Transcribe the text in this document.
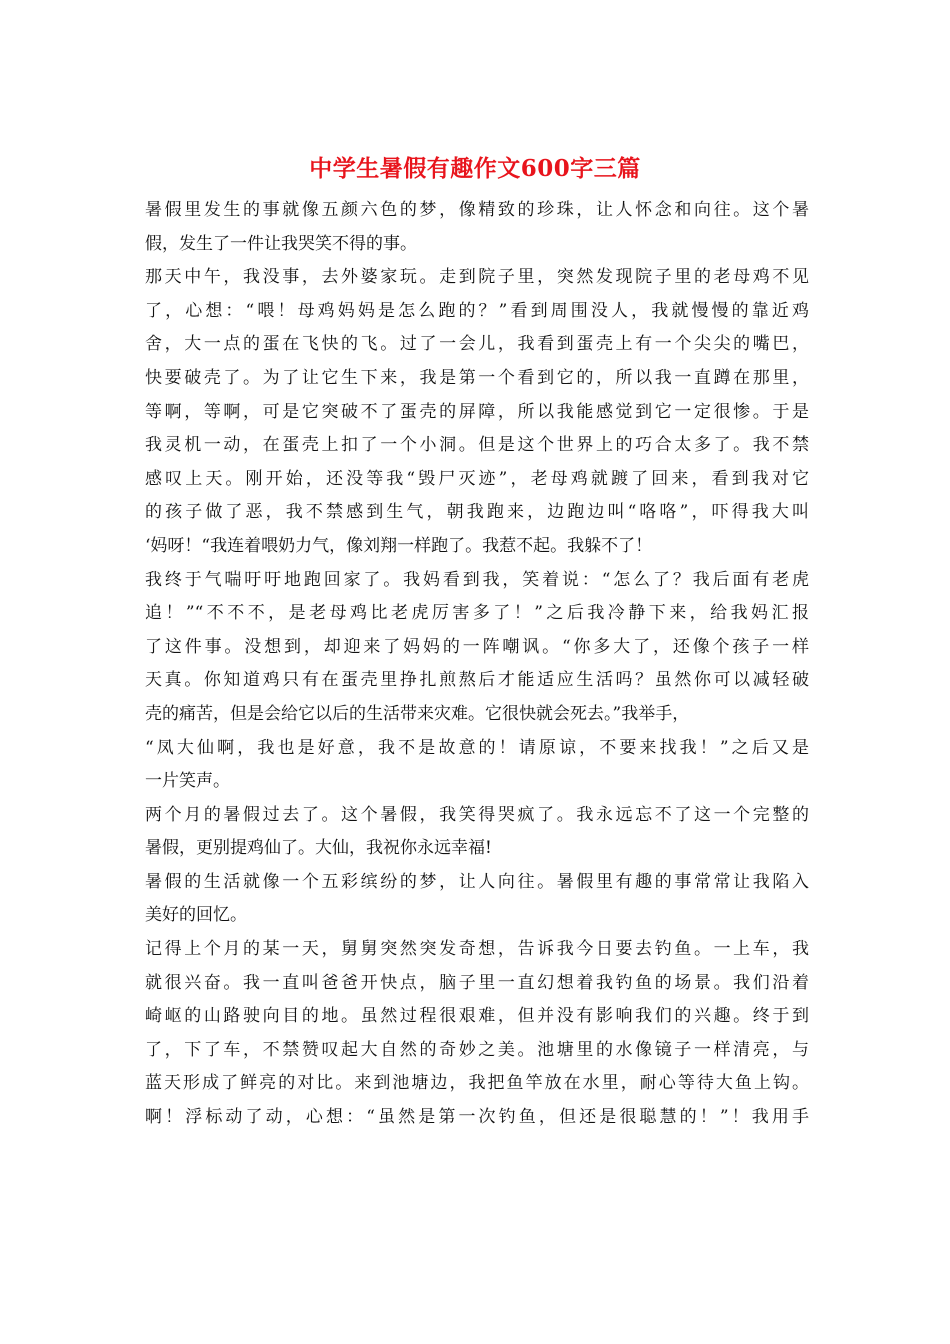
中学生暑假有趣作文600字三篇
暑假里发生的事就像五颜六色的梦，像精致的珍珠，让人怀念和向往。这个暑
假，发生了一件让我哭笑不得的事。
那天中午，我没事，去外婆家玩。走到院子里，突然发现院子里的老母鸡不见
了，心想：“喂！母鸡妈妈是怎么跑的？”看到周围没人，我就慢慢的靠近鸡
舍，大一点的蛋在飞快的飞。过了一会儿，我看到蛋壳上有一个尖尖的嘴巴，
快要破壳了。为了让它生下来，我是第一个看到它的，所以我一直蹲在那里，
等啊，等啊，可是它突破不了蛋壳的屏障，所以我能感觉到它一定很惨。于是
我灵机一动，在蛋壳上扣了一个小洞。但是这个世界上的巧合太多了。我不禁
感叹上天。刚开始，还没等我“毁尸灭迹”，老母鸡就踱了回来，看到我对它
的孩子做了恶，我不禁感到生气，朝我跑来，边跑边叫“咯咯”，吓得我大叫
‘妈呀！“我连着喂奶力气，像刘翔一样跑了。我惹不起。我躲不了！
我终于气喘吁吁地跑回家了。我妈看到我，笑着说：“怎么了？我后面有老虎
追！”“不不不，是老母鸡比老虎厉害多了！”之后我冷静下来，给我妈汇报
了这件事。没想到，却迎来了妈妈的一阵嘲讽。“你多大了，还像个孩子一样
天真。你知道鸡只有在蛋壳里挣扎煎熬后才能适应生活吗？虽然你可以减轻破
壳的痛苦，但是会给它以后的生活带来灾难。它很快就会死去。”我举手，
“凤大仙啊，我也是好意，我不是故意的！请原谅，不要来找我！”之后又是
一片笑声。
两个月的暑假过去了。这个暑假，我笑得哭疯了。我永远忘不了这一个完整的
暑假，更别提鸡仙了。大仙，我祝你永远幸福!
暑假的生活就像一个五彩缤纷的梦，让人向往。暑假里有趣的事常常让我陷入
美好的回忆。
记得上个月的某一天，舅舅突然突发奇想，告诉我今日要去钓鱼。一上车，我
就很兴奋。我一直叫爸爸开快点，脑子里一直幻想着我钓鱼的场景。我们沿着
崎岖的山路驶向目的地。虽然过程很艰难，但并没有影响我们的兴趣。终于到
了，下了车，不禁赞叹起大自然的奇妙之美。池塘里的水像镜子一样清亮，与
蓝天形成了鲜亮的对比。来到池塘边，我把鱼竿放在水里，耐心等待大鱼上钩。
啊！浮标动了动，心想：“虽然是第一次钓鱼，但还是很聪慧的！”！我用手
